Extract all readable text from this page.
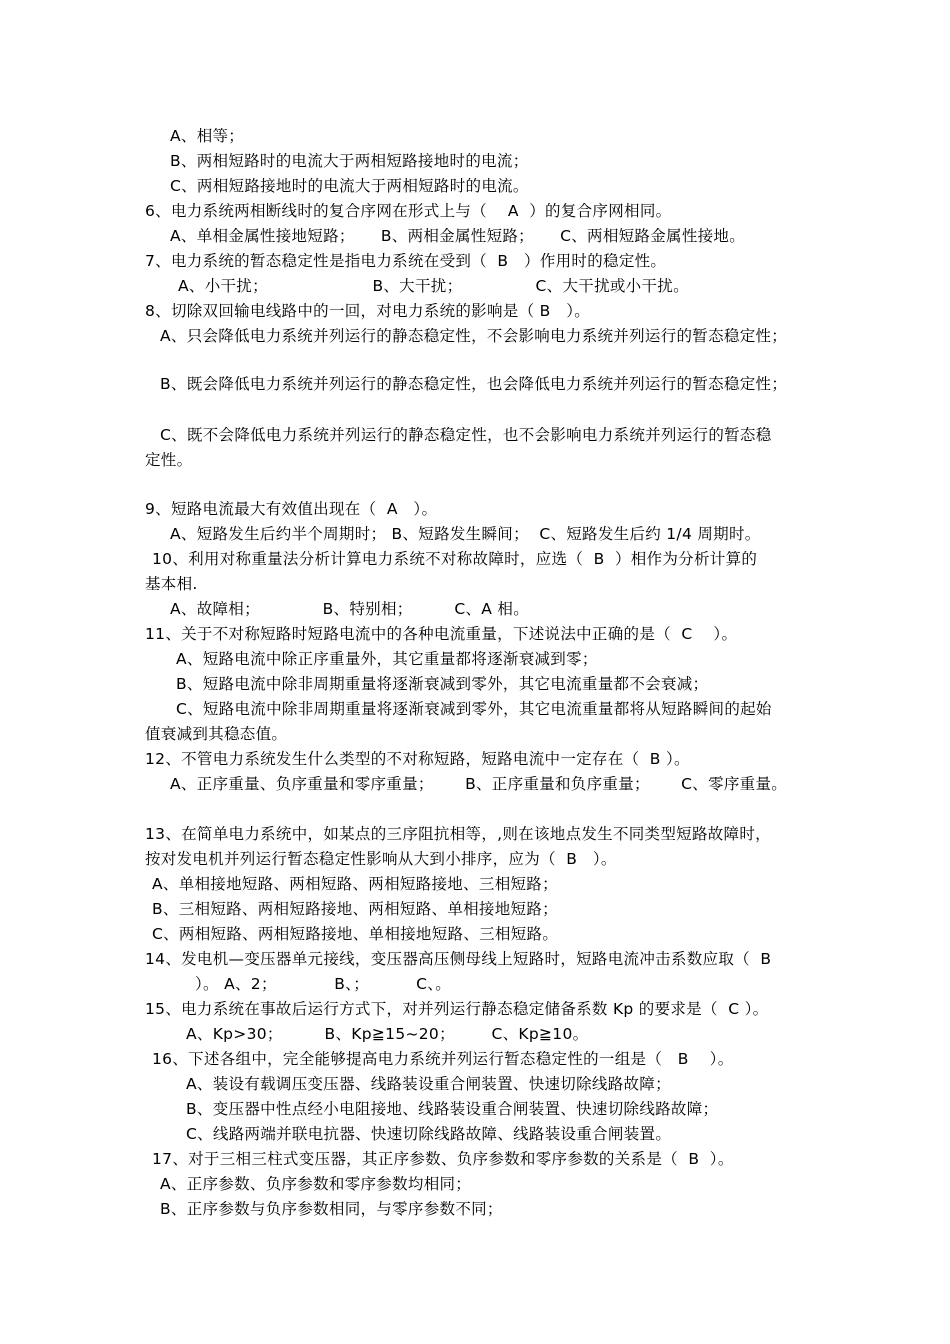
A、相等；
B、两相短路时的电流大于两相短路接地时的电流；
C、两相短路接地时的电流大于两相短路时的电流。
6、电力系统两相断线时的复合序网在形式上与（    A  ）的复合序网相同。
A、单相金属性接地短路；     B、两相金属性短路；     C、两相短路金属性接地。
7、电力系统的暂态稳定性是指电力系统在受到（  B   ）作用时的稳定性。
A、小干扰；                    B、大干扰；              C、大干扰或小干扰。
8、切除双回输电线路中的一回，对电力系统的影响是（ B   ）。
A、只会降低电力系统并列运行的静态稳定性，不会影响电力系统并列运行的暂态稳定性；
B、既会降低电力系统并列运行的静态稳定性，也会降低电力系统并列运行的暂态稳定性；
C、既不会降低电力系统并列运行的静态稳定性，也不会影响电力系统并列运行的暂态稳
定性。
9、短路电流最大有效值出现在（  A   ）。
A、短路发生后约半个周期时； B、短路发生瞬间；  C、短路发生后约 1/4 周期时。
10、利用对称重量法分析计算电力系统不对称故障时，应选（  B  ）相作为分析计算的
基本相.
A、故障相；            B、特别相；        C、A 相。
11、关于不对称短路时短路电流中的各种电流重量，下述说法中正确的是（  C    ）。
A、短路电流中除正序重量外，其它重量都将逐渐衰减到零；
B、短路电流中除非周期重量将逐渐衰减到零外，其它电流重量都不会衰减；
C、短路电流中除非周期重量将逐渐衰减到零外，其它电流重量都将从短路瞬间的起始
值衰减到其稳态值。
12、不管电力系统发生什么类型的不对称短路，短路电流中一定存在（  B ）。
A、正序重量、负序重量和零序重量；      B、正序重量和负序重量；      C、零序重量。
13、在简单电力系统中，如某点的三序阻抗相等，,则在该地点发生不同类型短路故障时，
按对发电机并列运行暂态稳定性影响从大到小排序，应为（  B   ）。
A、单相接地短路、两相短路、两相短路接地、三相短路；
B、三相短路、两相短路接地、两相短路、单相接地短路；
C、两相短路、两相短路接地、单相接地短路、三相短路。
14、发电机—变压器单元接线，变压器高压侧母线上短路时，短路电流冲击系数应取（  B
）。 A、2；           B、；         C、。
15、电力系统在事故后运行方式下，对并列运行静态稳定储备系数 Kp 的要求是（  C ）。
A、Kp>30；        B、Kp≧15~20；       C、Kp≧10。
16、下述各组中，完全能够提高电力系统并列运行暂态稳定性的一组是（   B    ）。
A、装设有载调压变压器、线路装设重合闸装置、快速切除线路故障；
B、变压器中性点经小电阻接地、线路装设重合闸装置、快速切除线路故障；
C、线路两端并联电抗器、快速切除线路故障、线路装设重合闸装置。
17、对于三相三柱式变压器，其正序参数、负序参数和零序参数的关系是（  B  ）。
A、正序参数、负序参数和零序参数均相同；
B、正序参数与负序参数相同，与零序参数不同；
